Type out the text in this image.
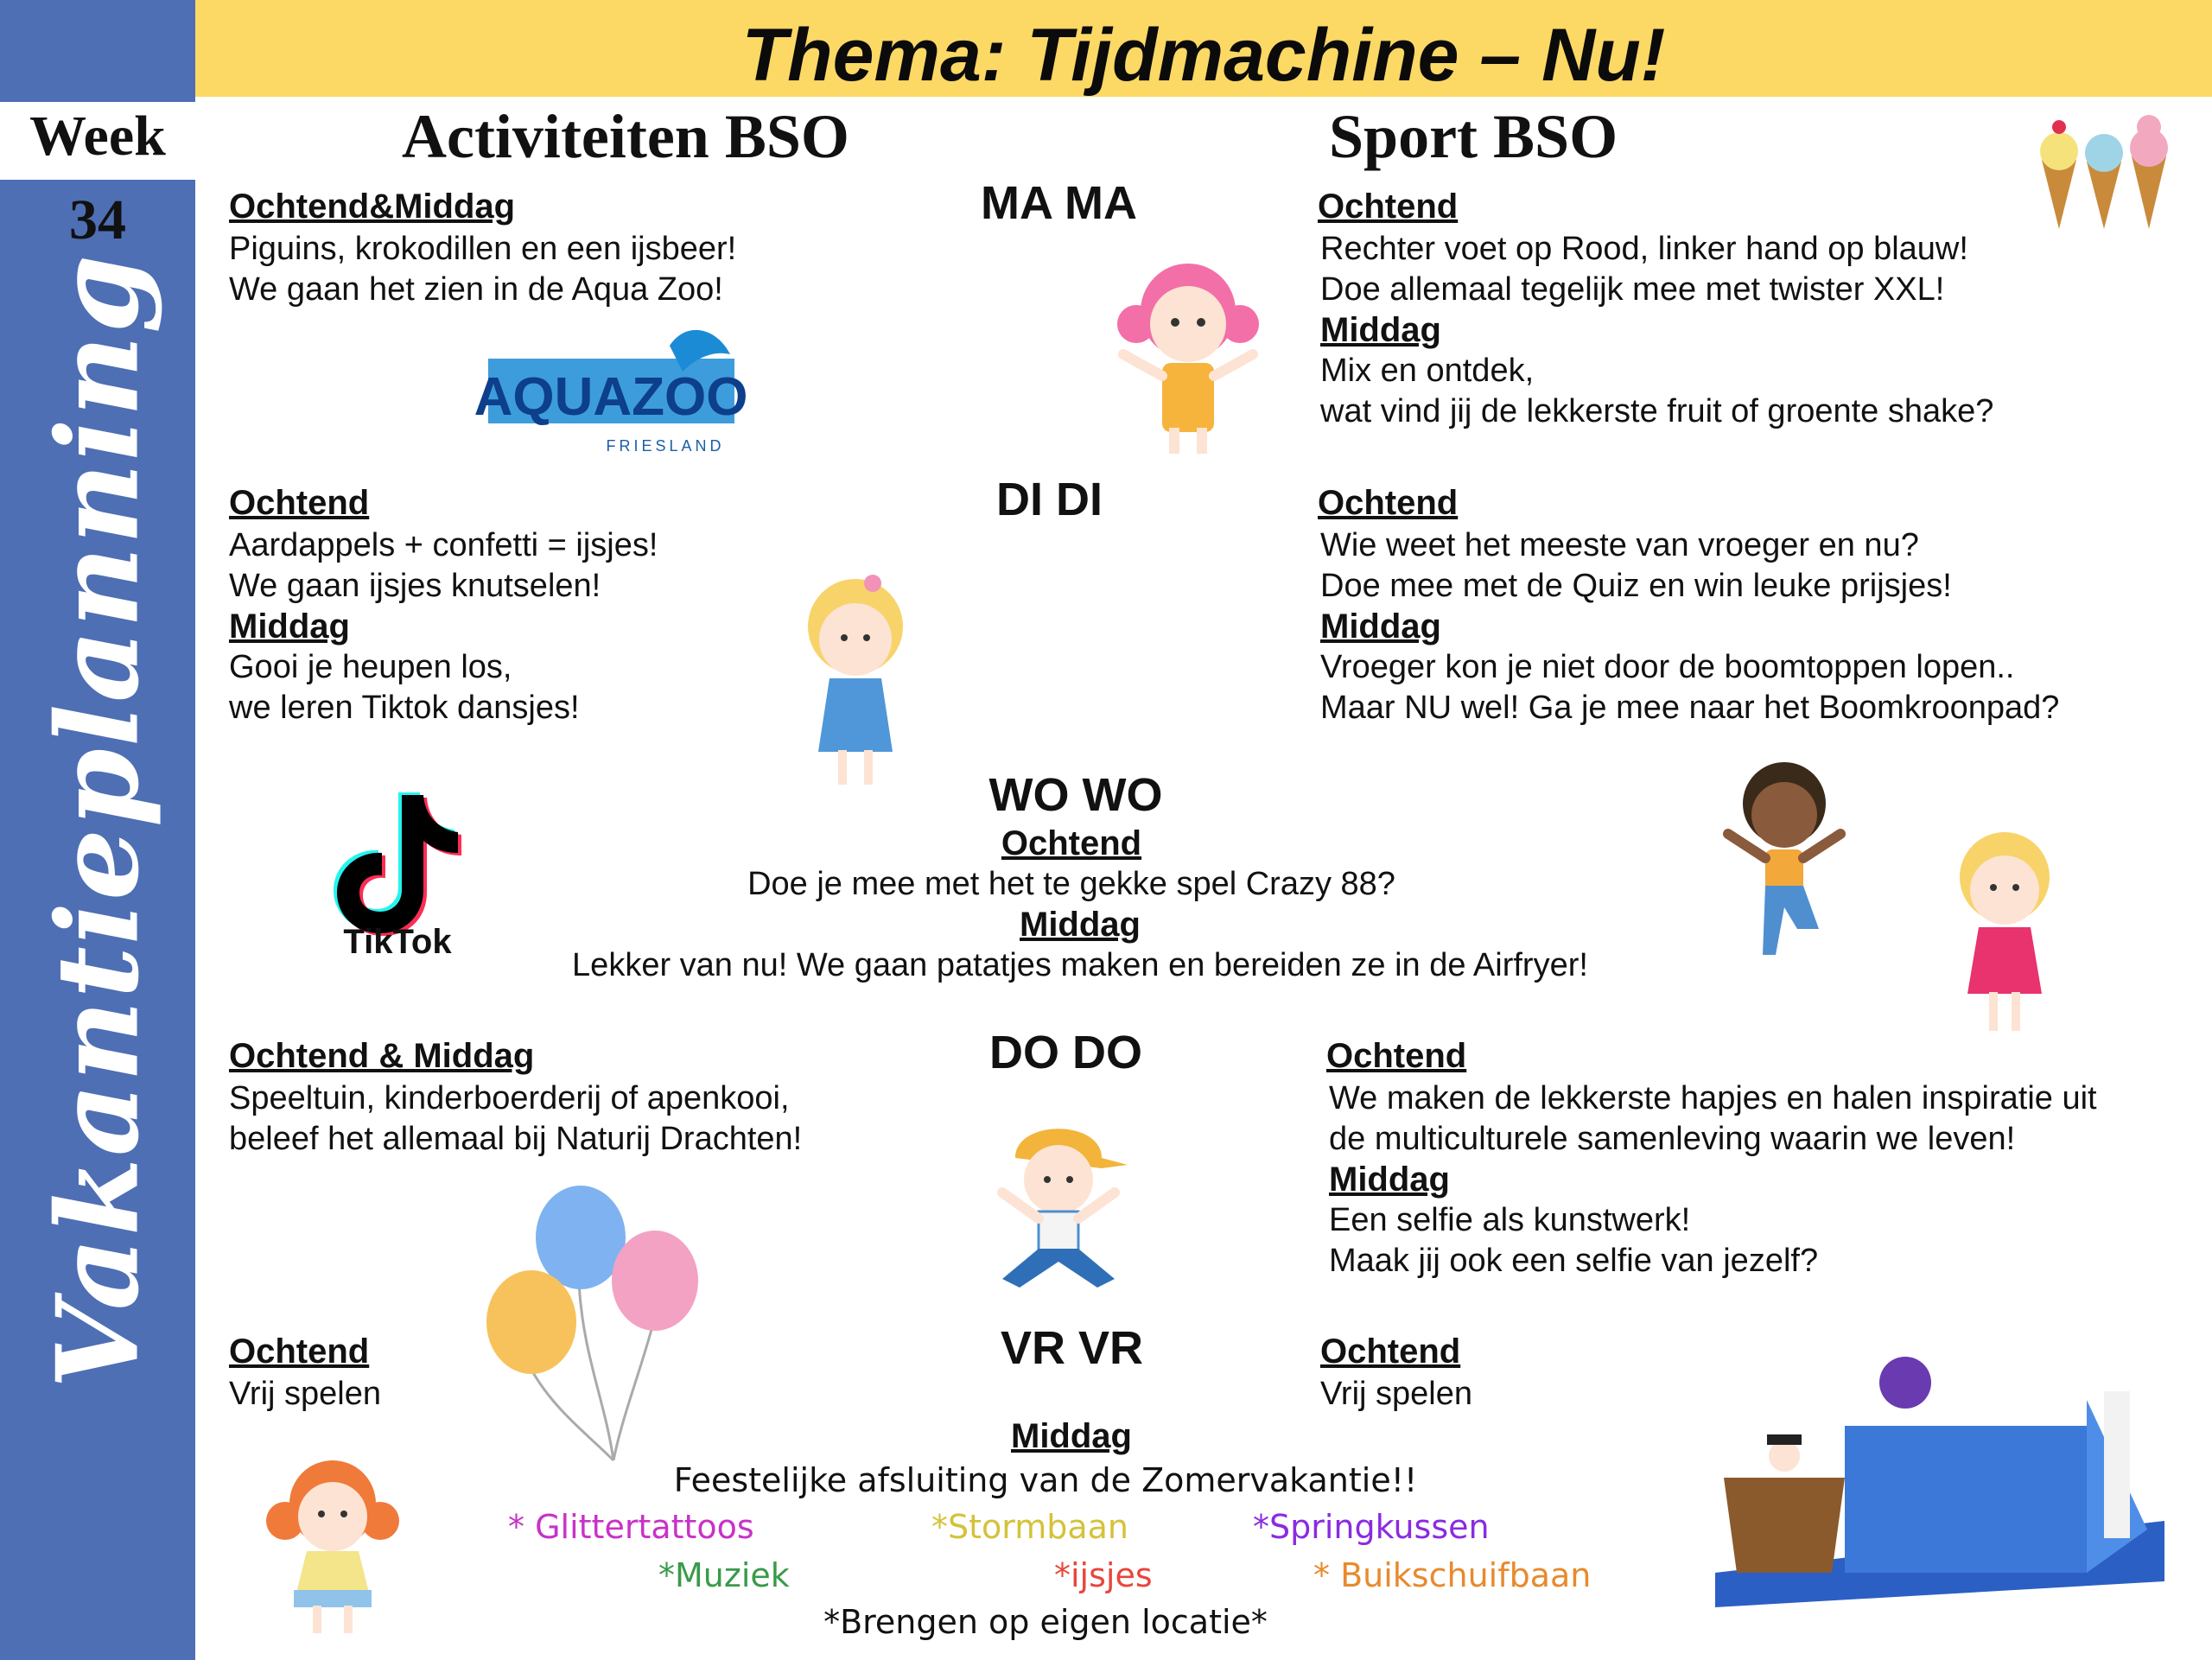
Week
34
Vakantieplanning
Thema: Tijdmachine – Nu!
Activiteiten BSO	Sport BSO
MA MA
Ochtend&Middag
Piguins, krokodillen en een ijsbeer!
We gaan het zien in de Aqua Zoo!
AQUAZOO
FRIESLAND
Ochtend
Rechter voet op Rood, linker hand op blauw!
Doe allemaal tegelijk mee met twister XXL!
Middag
Mix en ontdek,
wat vind jij de lekkerste fruit of groente shake?
DI DI
Ochtend
Aardappels + confetti = ijsjes!
We gaan ijsjes knutselen!
Middag
Gooi je heupen los,
we leren Tiktok dansjes!
Ochtend
Wie weet het meeste van vroeger en nu?
Doe mee met de Quiz en win leuke prijsjes!
Middag
Vroeger kon je niet door de boomtoppen lopen..
Maar NU wel! Ga je mee naar het Boomkroonpad?
TikTok
WO WO
Ochtend
Doe je mee met het te gekke spel Crazy 88?
Middag
Lekker van nu! We gaan patatjes maken en bereiden ze in de Airfryer!
DO DO
Ochtend & Middag
Speeltuin, kinderboerderij of apenkooi,
beleef het allemaal bij Naturij Drachten!
Ochtend
We maken de lekkerste hapjes en halen inspiratie uit
de multiculturele samenleving waarin we leven!
Middag
Een selfie als kunstwerk!
Maak jij ook een selfie van jezelf?
VR VR
Ochtend
Vrij spelen
Ochtend
Vrij spelen
Middag
Feestelijke afsluiting van de Zomervakantie!!
* Glittertattoos	*Stormbaan	*Springkussen
*Muziek	*ijsjes	* Buikschuifbaan
*Brengen op eigen locatie*
